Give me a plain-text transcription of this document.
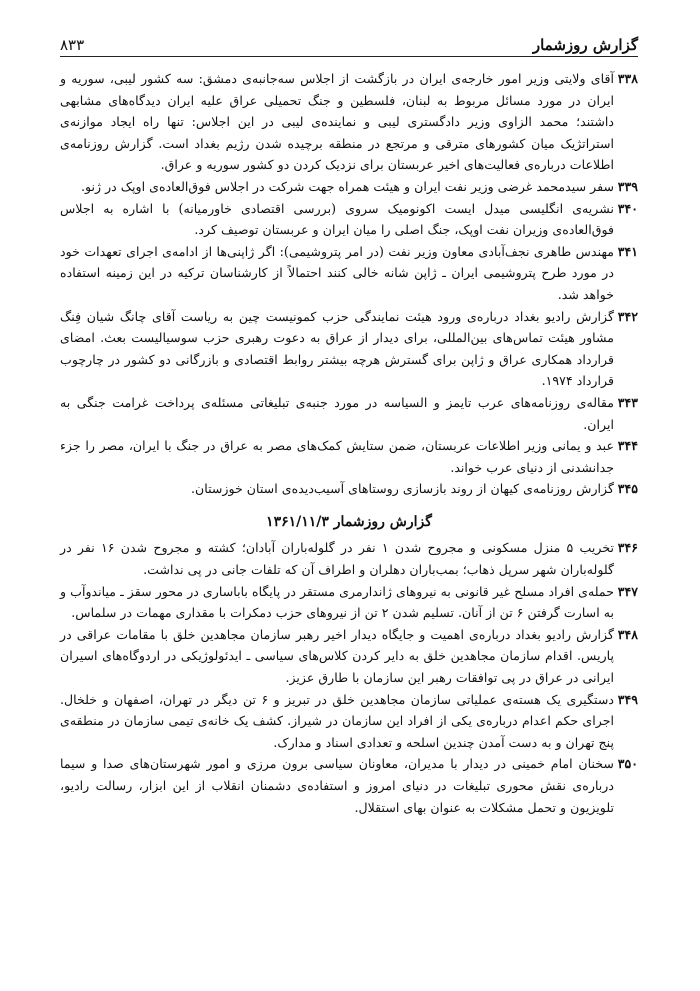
گزارش روزشمار
۸۳۳
۳۳۸
آقای ولایتی وزیر امور خارجه‌ی ایران در بازگشت از اجلاس سه‌جانبه‌ی دمشق: سه کشور لیبی، سوریه و ایران در مورد مسائل مربوط به لبنان، فلسطین و جنگ تحمیلی عراق علیه ایران دیدگاه‌های مشابهی داشتند؛ محمد الزاوی وزیر دادگستری لیبی و نماینده‌ی لیبی در این اجلاس: تنها راه ایجاد موازنه‌ی استراتژیک میان کشورهای مترقی و مرتجع در منطقه برچیده شدن رژیم بغداد است. گزارش روزنامه‌ی اطلاعات درباره‌ی فعالیت‌های اخیر عربستان برای نزدیک کردن دو کشور سوریه و عراق.
۳۳۹
سفر سیدمحمد غرضی وزیر نفت ایران و هیئت همراه جهت شرکت در اجلاس فوق‌العاده‌ی اوپک در ژنو.
۳۴۰
نشریه‌ی انگلیسی میدل ایست اکونومیک سروی (بررسی اقتصادی خاورمیانه) با اشاره به اجلاس فوق‌العاده‌ی وزیران نفت اوپک، جنگ اصلی را میان ایران و عربستان توصیف کرد.
۳۴۱
مهندس طاهری نجف‌آبادی معاون وزیر نفت (در امر پتروشیمی): اگر ژاپنی‌ها از ادامه‌ی اجرای تعهدات خود در مورد طرح پتروشیمی ایران ـ ژاپن شانه خالی کنند احتمالاً از کارشناسان ترکیه در این زمینه استفاده خواهد شد.
۳۴۲
گزارش رادیو بغداد درباره‌ی ورود هیئت نمایندگی حزب کمونیست چین به ریاست آقای چانگ شیان فِنگ مشاور هیئت تماس‌های بین‌المللی، برای دیدار از عراق به دعوت رهبری حزب سوسیالیست بعث. امضای قرارداد همکاری عراق و ژاپن برای گسترش هرچه بیشتر روابط اقتصادی و بازرگانی دو کشور در چارچوب قرارداد ۱۹۷۴.
۳۴۳
مقاله‌ی روزنامه‌های عرب تایمز و السیاسه در مورد جنبه‌ی تبلیغاتی مسئله‌ی پرداخت غرامت جنگی به ایران.
۳۴۴
عبد و یمانی وزیر اطلاعات عربستان، ضمن ستایش کمک‌های مصر به عراق در جنگ با ایران، مصر را جزء جدانشدنی از دنیای عرب خواند.
۳۴۵
گزارش روزنامه‌ی کیهان از روند بازسازی روستاهای آسیب‌دیده‌ی استان خوزستان.
گزارش روزشمار ۱۳۶۱/۱۱/۳
۳۴۶
تخریب ۵ منزل مسکونی و مجروح شدن ۱ نفر در گلوله‌باران آبادان؛ کشته و مجروح شدن ۱۶ نفر در گلوله‌باران شهر سرپل ذهاب؛ بمب‌باران دهلران و اطراف آن که تلفات جانی در پی نداشت.
۳۴۷
حمله‌ی افراد مسلح غیر قانونی به نیروهای ژاندارمری مستقر در پایگاه باباساری در محور سقز ـ میاندوآب و به اسارت گرفتن ۶ تن از آنان. تسلیم شدن ۲ تن از نیروهای حزب دمکرات با مقداری مهمات در سلماس.
۳۴۸
گزارش رادیو بغداد درباره‌ی اهمیت و جایگاه دیدار اخیر رهبر سازمان مجاهدین خلق با مقامات عراقی در پاریس. اقدام سازمان مجاهدین خلق به دایر کردن کلاس‌های سیاسی ـ ایدئولوژیکی در اردوگاه‌های اسیران ایرانی در عراق در پی توافقات رهبر این سازمان با طارق عزیز.
۳۴۹
دستگیری یک هسته‌ی عملیاتی سازمان مجاهدین خلق در تبریز و ۶ تن دیگر در تهران، اصفهان و خلخال. اجرای حکم اعدام درباره‌ی یکی از افراد این سازمان در شیراز. کشف یک خانه‌ی تیمی سازمان در منطقه‌ی پنج تهران و به دست آمدن چندین اسلحه و تعدادی اسناد و مدارک.
۳۵۰
سخنان امام خمینی در دیدار با مدیران، معاونان سیاسی برون مرزی و امور شهرستان‌های صدا و سیما درباره‌ی نقش محوری تبلیغات در دنیای امروز و استفاده‌ی دشمنان انقلاب از این ابزار، رسالت رادیو، تلویزیون و تحمل مشکلات به عنوان بهای استقلال.
